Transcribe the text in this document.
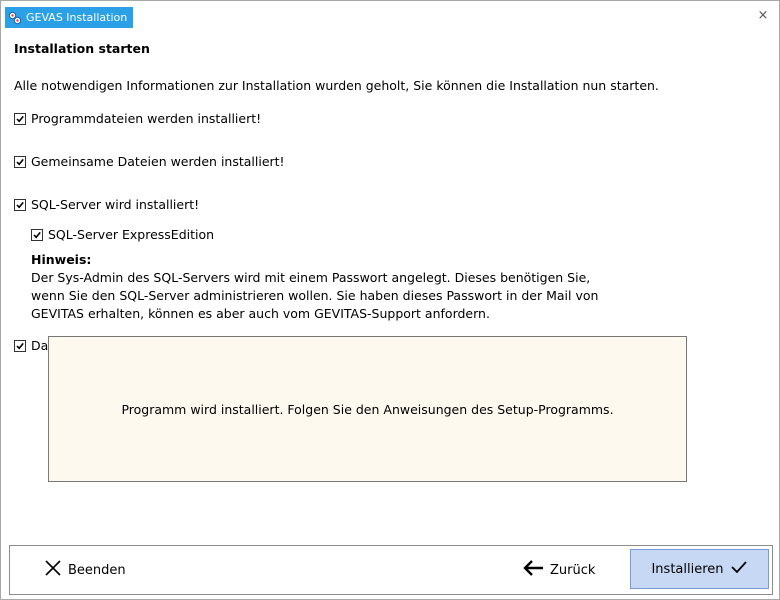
GEVAS Installation	×
Installation starten
Alle notwendigen Informationen zur Installation wurden geholt, Sie können die Installation nun starten.
Programmdateien werden installiert!
Gemeinsame Dateien werden installiert!
SQL-Server wird installiert!
SQL-Server ExpressEdition
Hinweis:
Der Sys-Admin des SQL-Servers wird mit einem Passwort angelegt. Dieses benötigen Sie,
wenn Sie den SQL-Server administrieren wollen. Sie haben dieses Passwort in der Mail von
GEVITAS erhalten, können es aber auch vom GEVITAS-Support anfordern.
Da
Programm wird installiert. Folgen Sie den Anweisungen des Setup-Programms.
Beenden	Zurück	Installieren
